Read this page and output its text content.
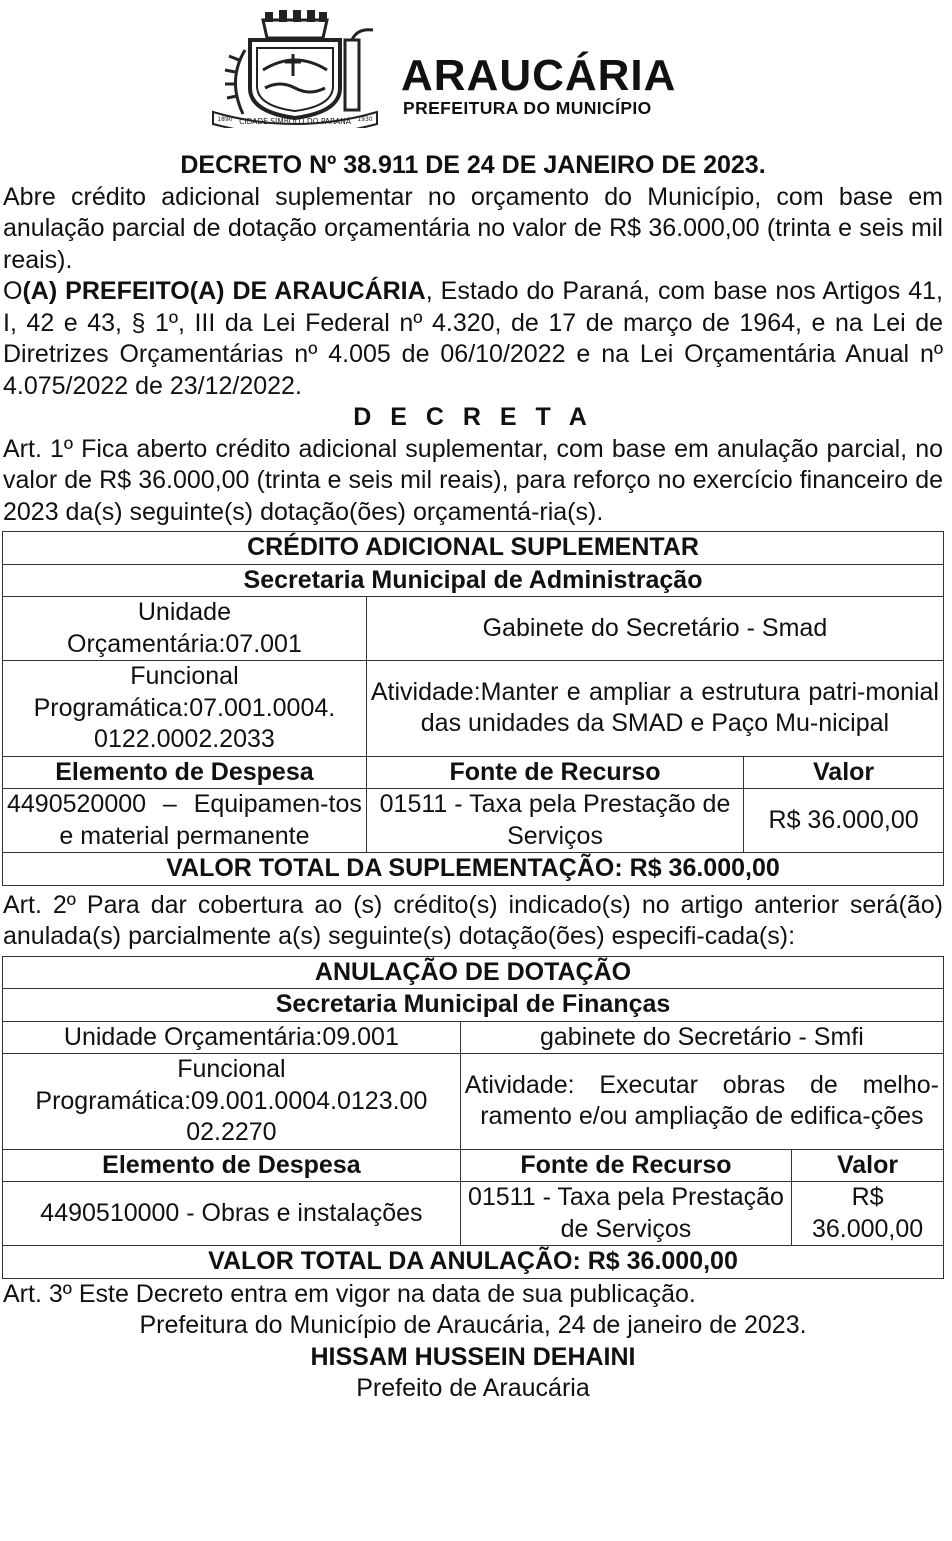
CIDADE SÍMBOLO DO PARANÁ
1890	1930
ARAUCÁRIA
PREFEITURA DO MUNICÍPIO
DECRETO Nº 38.911 DE 24 DE JANEIRO DE 2023.

Abre crédito adicional suplementar no orçamento do Município, com base em anulação parcial de dotação orçamentária no valor de R$ 36.000,00 (trinta e seis mil reais).

O(A) PREFEITO(A) DE ARAUCÁRIA, Estado do Paraná, com base nos Artigos 41, I, 42 e 43, § 1º, III da Lei Federal nº 4.320, de 17 de março de 1964, e na Lei de Diretrizes Orçamentárias nº 4.005 de 06/10/2022 e na Lei Orçamentária Anual nº 4.075/2022 de 23/12/2022.

D E C R E T A

Art. 1º Fica aberto crédito adicional suplementar, com base em anulação parcial, no valor de R$ 36.000,00 (trinta e seis mil reais), para reforço no exercício financeiro de 2023 da(s) seguinte(s) dotação(ões) orçamentá-ria(s).

CRÉDITO ADICIONAL SUPLEMENTAR		
Secretaria Municipal de Administração		
Unidade Orçamentária:07.001	Gabinete do Secretário - Smad	
Funcional Programática:07.001.0004. 0122.0002.2033	Atividade:Manter e ampliar a estrutura patri-monial das unidades da SMAD e Paço Mu-nicipal	
Elemento de Despesa	Fonte de Recurso	Valor
4490520000 – Equipamen-tos e material permanente	01511 - Taxa pela Prestação de Serviços	R$ 36.000,00
VALOR TOTAL DA SUPLEMENTAÇÃO: R$ 36.000,00		

Art. 2º Para dar cobertura ao (s) crédito(s) indicado(s) no artigo anterior será(ão) anulada(s) parcialmente a(s) seguinte(s) dotação(ões) especifi-cada(s):

ANULAÇÃO DE DOTAÇÃO		
Secretaria Municipal de Finanças		
Unidade Orçamentária:09.001	gabinete do Secretário - Smfi	
Funcional Programática:09.001.0004.0123.00 02.2270	Atividade: Executar obras de melho-ramento e/ou ampliação de edifica-ções	
Elemento de Despesa	Fonte de Recurso	Valor
4490510000 - Obras e instalações	01511 - Taxa pela Prestação de Serviços	R$ 36.000,00
VALOR TOTAL DA ANULAÇÃO: R$ 36.000,00		

Art. 3º Este Decreto entra em vigor na data de sua publicação.

Prefeitura do Município de Araucária, 24 de janeiro de 2023.
HISSAM HUSSEIN DEHAINI
Prefeito de Araucária
